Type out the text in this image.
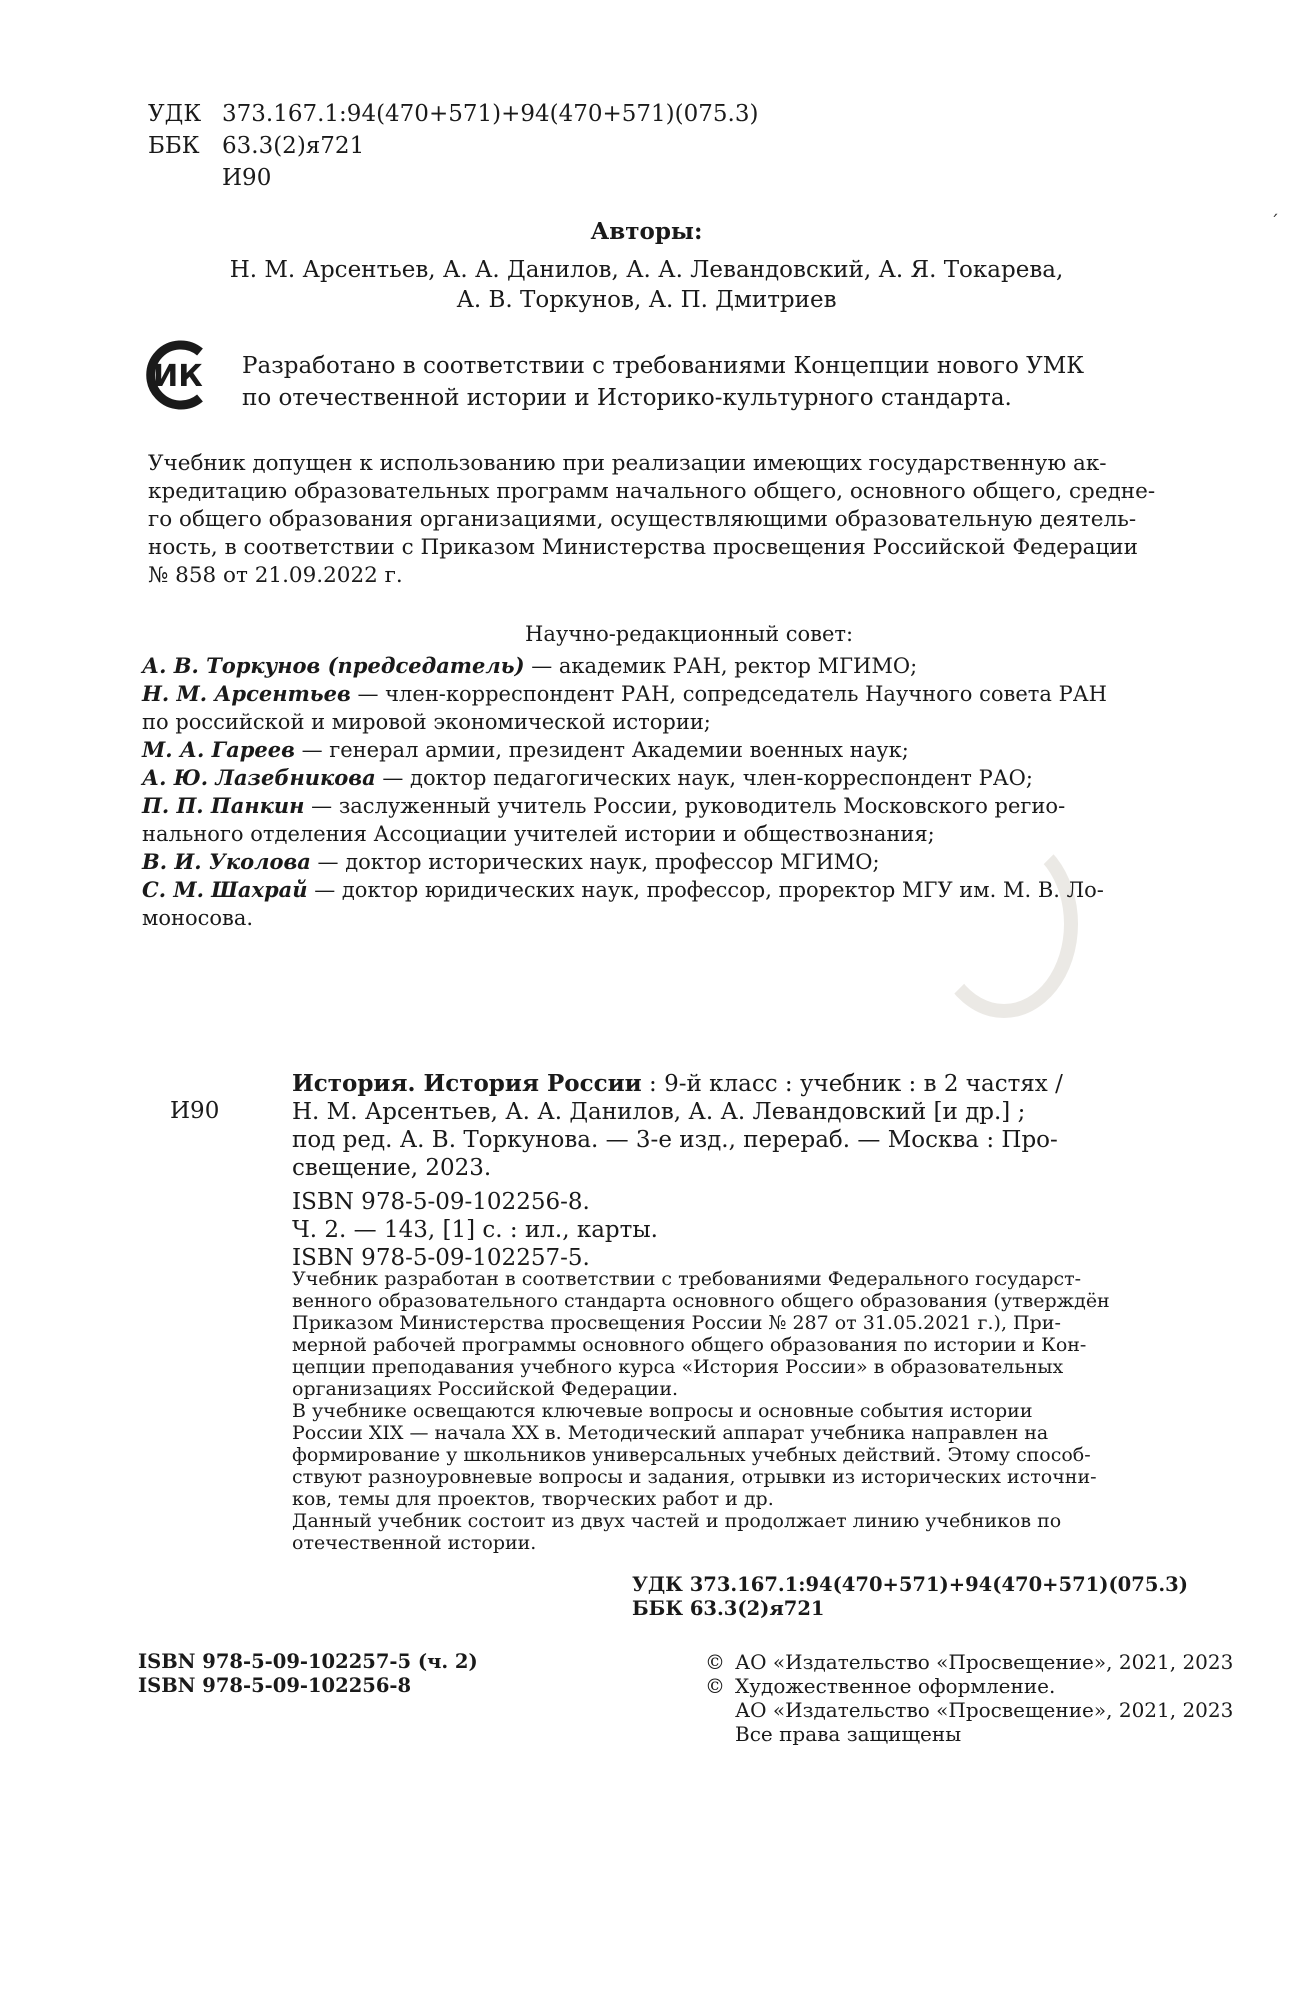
УДК 373.167.1:94(470+571)+94(470+571)(075.3)
ББК 63.3(2)я721
И90
ˊ
Авторы:
Н. М. Арсентьев, А. А. Данилов, А. А. Левандовский, А. Я. Токарева,
А. В. Торкунов, А. П. Дмитриев
ИК Разработано в соответствии с требованиями Концепции нового УМК
по отечественной истории и Историко-культурного стандарта.
Учебник допущен к использованию при реализации имеющих государственную ак-
кредитацию образовательных программ начального общего, основного общего, средне-
го общего образования организациями, осуществляющими образовательную деятель-
ность, в соответствии с Приказом Министерства просвещения Российской Федерации
№ 858 от 21.09.2022 г.
Научно-редакционный совет:
А. В. Торкунов (председатель) — академик РАН, ректор МГИМО;
Н. М. Арсентьев — член-корреспондент РАН, сопредседатель Научного совета РАН
по российской и мировой экономической истории;
М. А. Гареев — генерал армии, президент Академии военных наук;
А. Ю. Лазебникова — доктор педагогических наук, член-корреспондент РАО;
П. П. Панкин — заслуженный учитель России, руководитель Московского регио-
нального отделения Ассоциации учителей истории и обществознания;
В. И. Уколова — доктор исторических наук, профессор МГИМО;
С. М. Шахрай — доктор юридических наук, профессор, проректор МГУ им. М. В. Ло-
моносова.
И90
История. История России : 9-й класс : учебник : в 2 частях /
Н. М. Арсентьев, А. А. Данилов, А. А. Левандовский [и др.] ;
под ред. А. В. Торкунова. — 3-е изд., перераб. — Москва : Про-
свещение, 2023.
ISBN 978-5-09-102256-8.
Ч. 2. — 143, [1] с. : ил., карты.
ISBN 978-5-09-102257-5.
Учебник разработан в соответствии с требованиями Федерального государст-
венного образовательного стандарта основного общего образования (утверждён
Приказом Министерства просвещения России № 287 от 31.05.2021 г.), При-
мерной рабочей программы основного общего образования по истории и Кон-
цепции преподавания учебного курса «История России» в образовательных
организациях Российской Федерации.
В учебнике освещаются ключевые вопросы и основные события истории
России XIX — начала XX в. Методический аппарат учебника направлен на
формирование у школьников универсальных учебных действий. Этому способ-
ствуют разноуровневые вопросы и задания, отрывки из исторических источни-
ков, темы для проектов, творческих работ и др.
Данный учебник состоит из двух частей и продолжает линию учебников по
отечественной истории.
УДК 373.167.1:94(470+571)+94(470+571)(075.3)
ББК 63.3(2)я721
ISBN 978-5-09-102257-5 (ч. 2)
ISBN 978-5-09-102256-8
© АО «Издательство «Просвещение», 2021, 2023
© Художественное оформление.
АО «Издательство «Просвещение», 2021, 2023
Все права защищены
